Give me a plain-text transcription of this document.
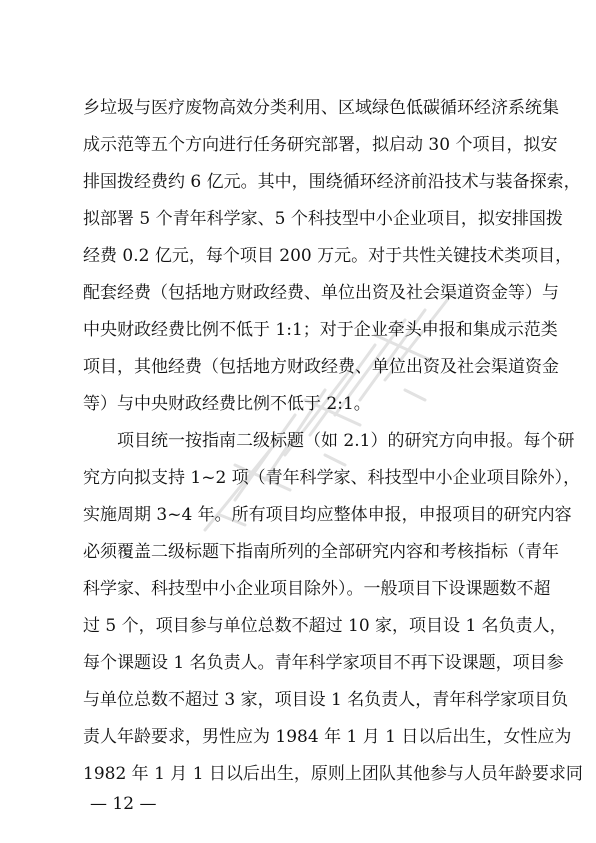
乡垃圾与医疗废物高效分类利用、区域绿色低碳循环经济系统集
成示范等五个方向进行任务研究部署，拟启动 30 个项目，拟安
排国拨经费约 6 亿元。其中，围绕循环经济前沿技术与装备探索，
拟部署 5 个青年科学家、5 个科技型中小企业项目，拟安排国拨
经费 0.2 亿元，每个项目 200 万元。对于共性关键技术类项目，
配套经费（包括地方财政经费、单位出资及社会渠道资金等）与
中央财政经费比例不低于 1:1；对于企业牵头申报和集成示范类
项目，其他经费（包括地方财政经费、单位出资及社会渠道资金
等）与中央财政经费比例不低于 2:1。
项目统一按指南二级标题（如 2.1）的研究方向申报。每个研
究方向拟支持 1~2 项（青年科学家、科技型中小企业项目除外），
实施周期 3~4 年。所有项目均应整体申报，申报项目的研究内容
必须覆盖二级标题下指南所列的全部研究内容和考核指标（青年
科学家、科技型中小企业项目除外）。一般项目下设课题数不超
过 5 个，项目参与单位总数不超过 10 家，项目设 1 名负责人，
每个课题设 1 名负责人。青年科学家项目不再下设课题，项目参
与单位总数不超过 3 家，项目设 1 名负责人，青年科学家项目负
责人年龄要求，男性应为 1984 年 1 月 1 日以后出生，女性应为
1982 年 1 月 1 日以后出生，原则上团队其他参与人员年龄要求同
— 12 —
